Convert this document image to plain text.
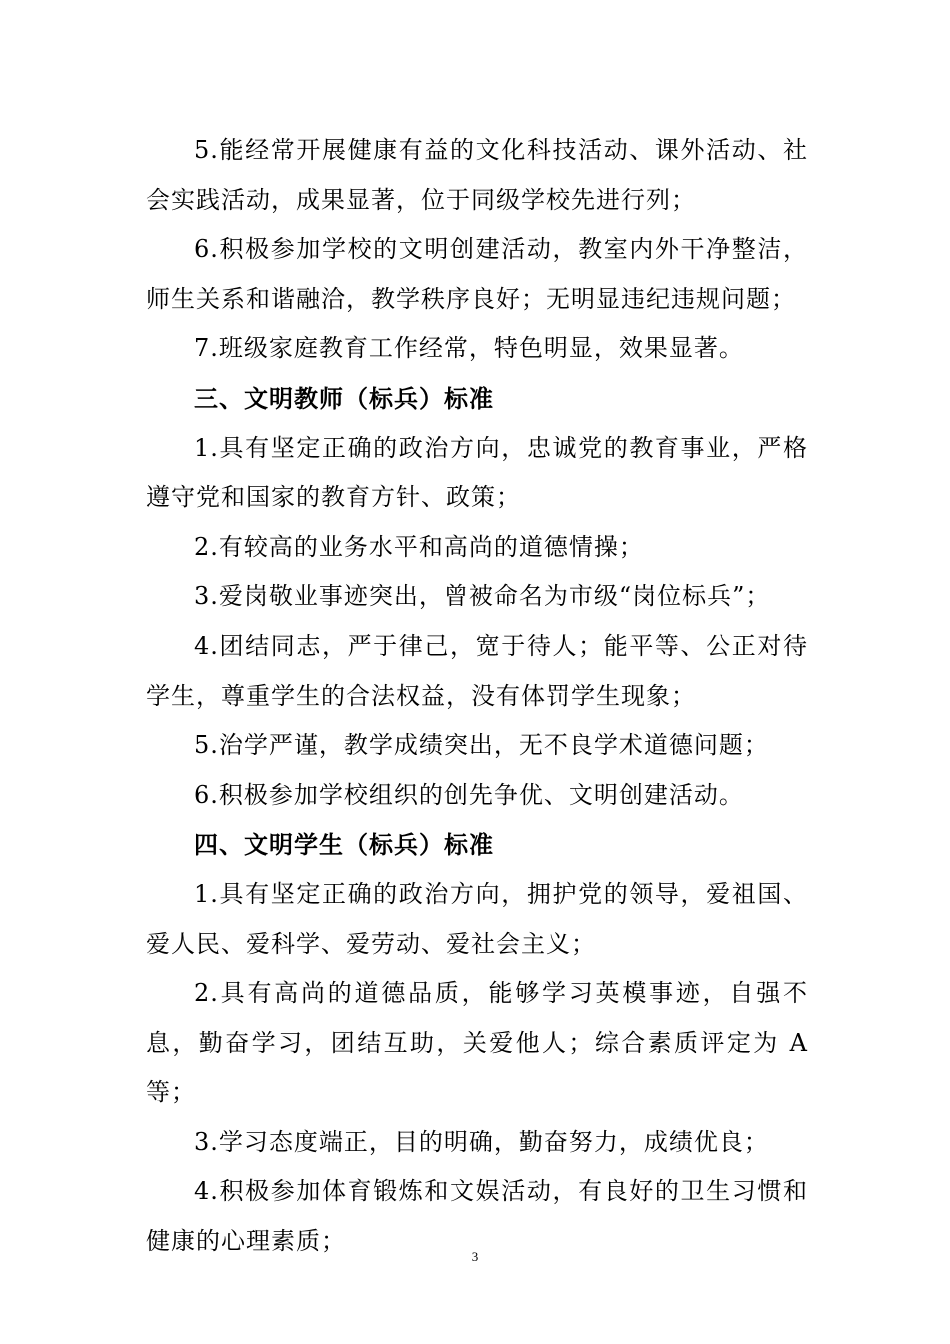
5.能经常开展健康有益的文化科技活动、课外活动、社会实践活动，成果显著，位于同级学校先进行列；

6.积极参加学校的文明创建活动，教室内外干净整洁，师生关系和谐融洽，教学秩序良好；无明显违纪违规问题；

7.班级家庭教育工作经常，特色明显，效果显著。

三、文明教师（标兵）标准

1.具有坚定正确的政治方向，忠诚党的教育事业，严格遵守党和国家的教育方针、政策；

2.有较高的业务水平和高尚的道德情操；

3.爱岗敬业事迹突出，曾被命名为市级“岗位标兵”；

4.团结同志，严于律己，宽于待人；能平等、公正对待学生，尊重学生的合法权益，没有体罚学生现象；

5.治学严谨，教学成绩突出，无不良学术道德问题；

6.积极参加学校组织的创先争优、文明创建活动。

四、文明学生（标兵）标准

1.具有坚定正确的政治方向，拥护党的领导，爱祖国、爱人民、爱科学、爱劳动、爱社会主义；

2.具有高尚的道德品质，能够学习英模事迹，自强不息，勤奋学习，团结互助，关爱他人；综合素质评定为 A 等；

3.学习态度端正，目的明确，勤奋努力，成绩优良；

4.积极参加体育锻炼和文娱活动，有良好的卫生习惯和健康的心理素质；

3
